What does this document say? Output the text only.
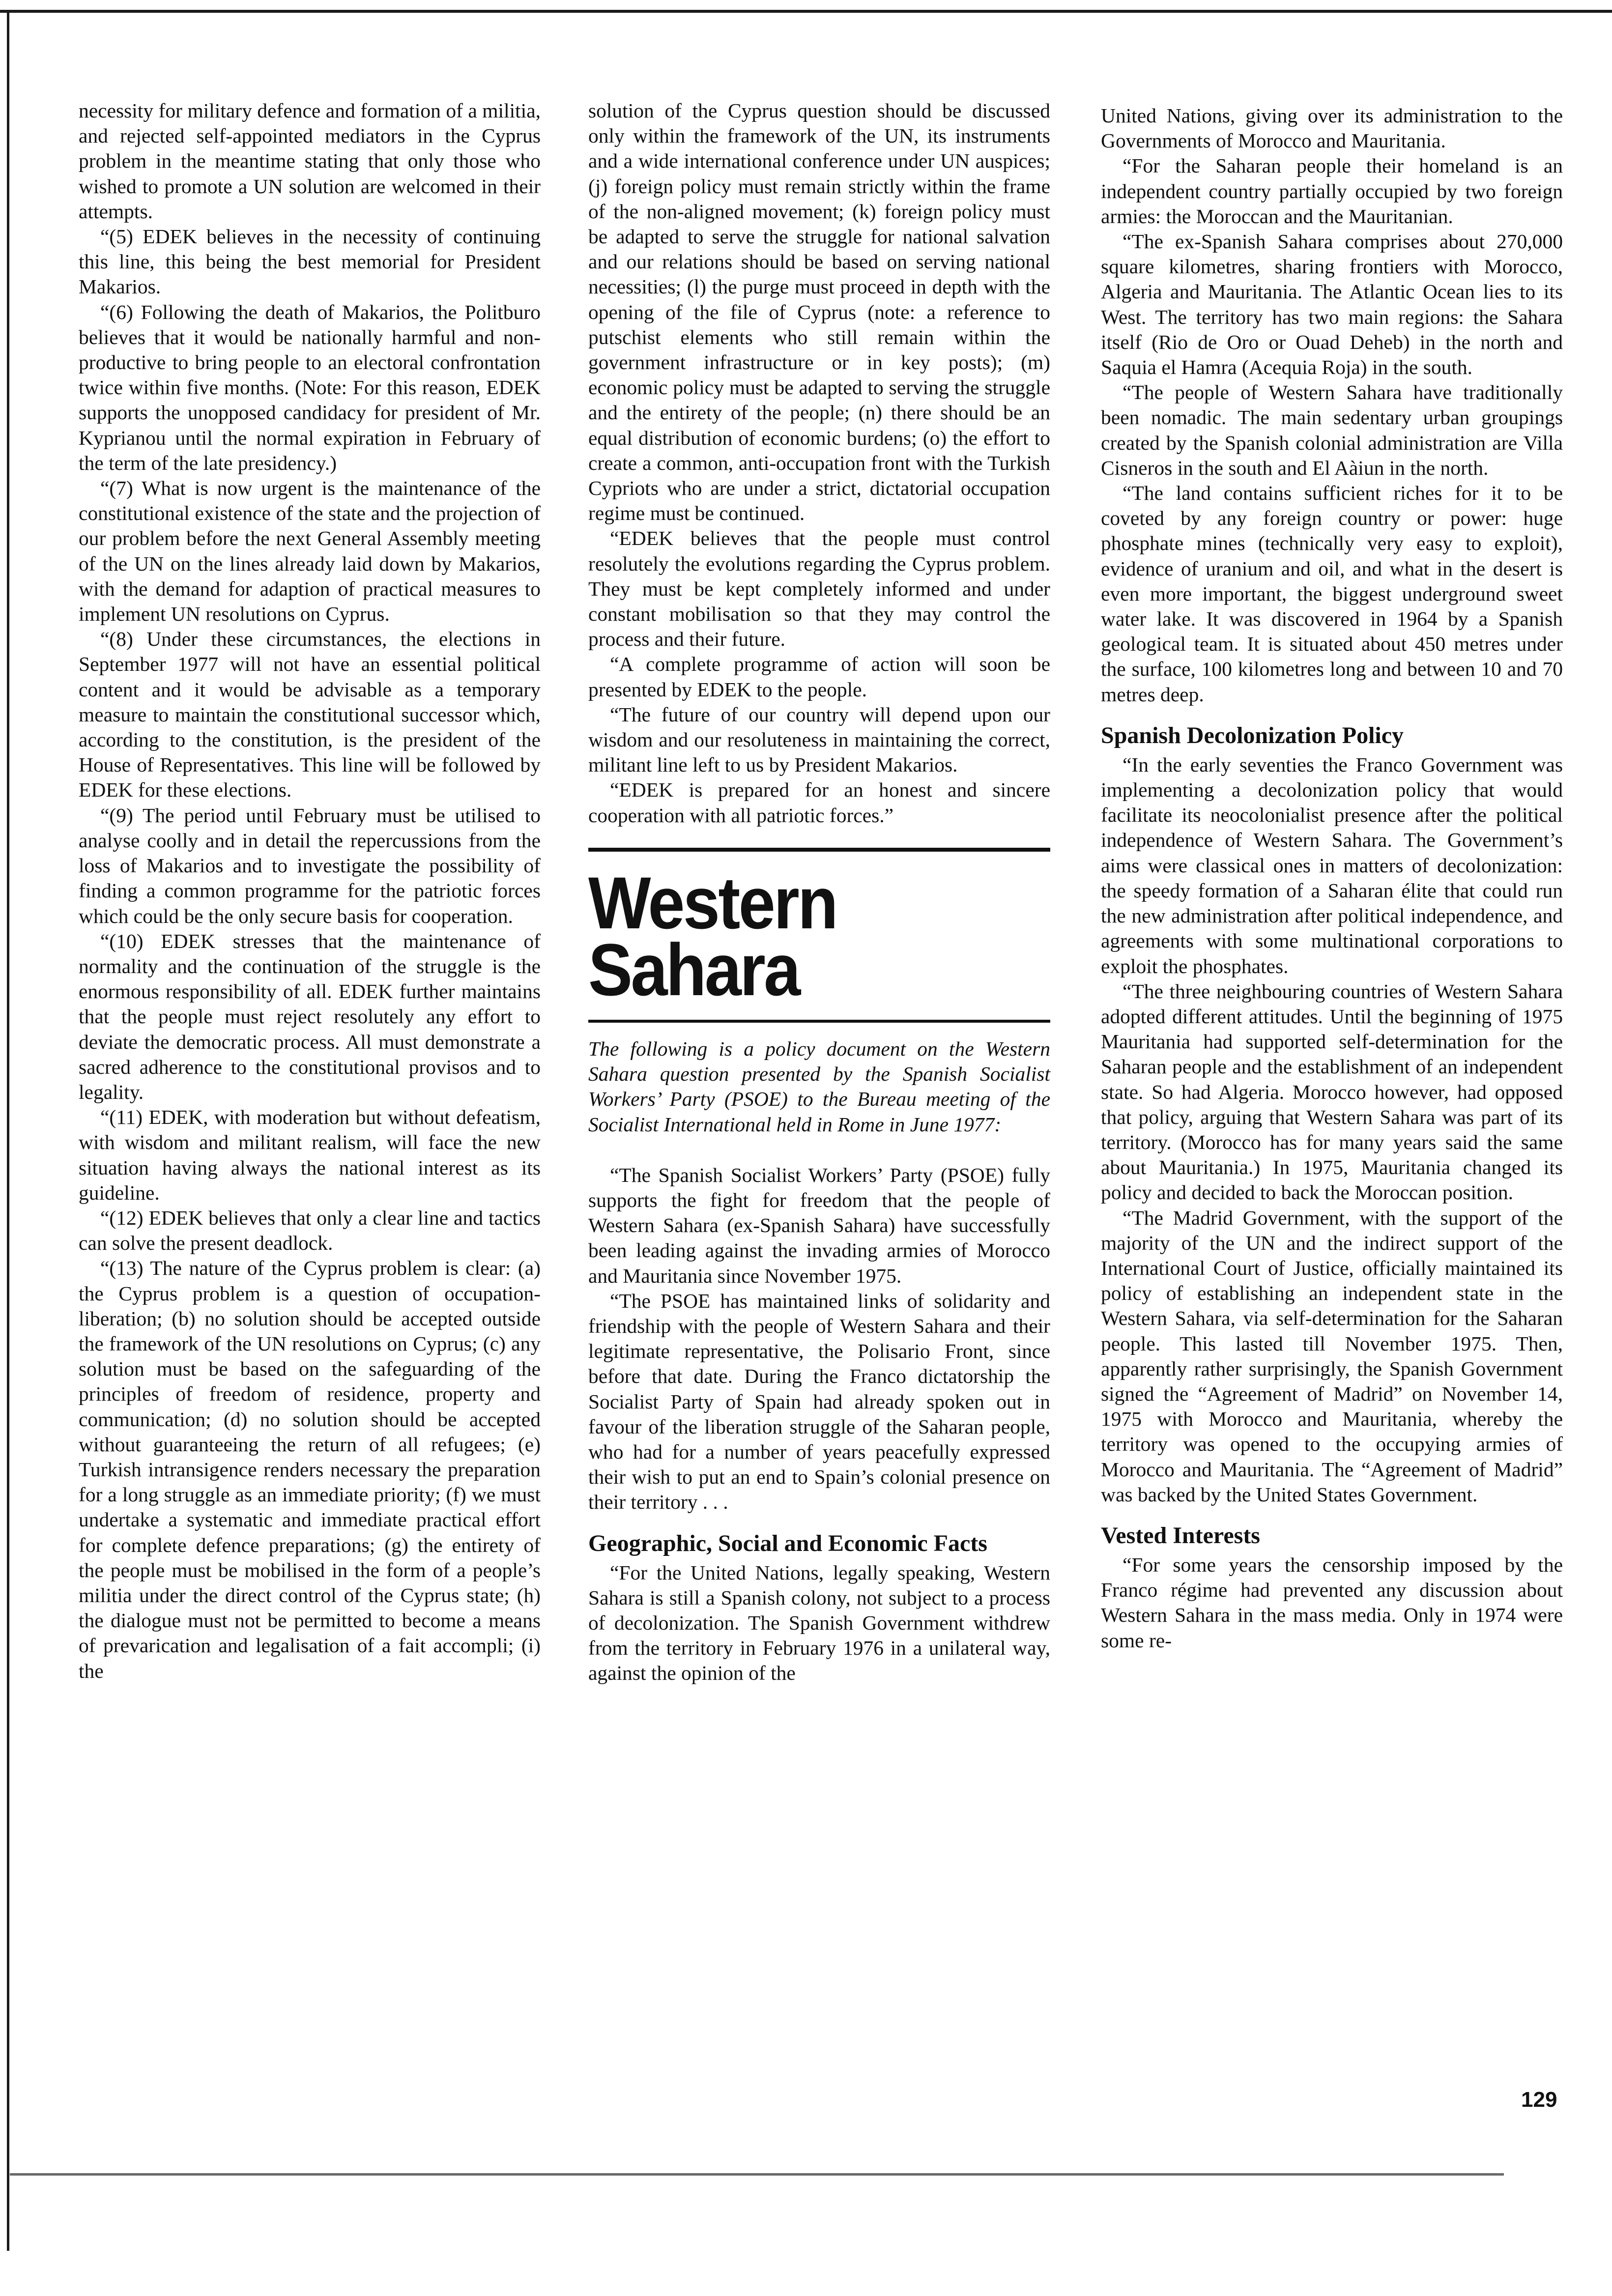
necessity for military defence and formation of a militia, and rejected self-appointed mediators in the Cyprus problem in the meantime stating that only those who wished to promote a UN solution are welcomed in their attempts.

“(5) EDEK believes in the necessity of continuing this line, this being the best memorial for President Makarios.

“(6) Following the death of Makarios, the Politburo believes that it would be nationally harmful and non-productive to bring people to an electoral confrontation twice within five months. (Note: For this reason, EDEK supports the unopposed candidacy for president of Mr. Kyprianou until the normal expiration in February of the term of the late presidency.)

“(7) What is now urgent is the maintenance of the constitutional existence of the state and the projection of our problem before the next General Assembly meeting of the UN on the lines already laid down by Makarios, with the demand for adaption of practical measures to implement UN resolutions on Cyprus.

“(8) Under these circumstances, the elections in September 1977 will not have an essential political content and it would be advisable as a temporary measure to maintain the constitutional successor which, according to the constitution, is the president of the House of Representatives. This line will be followed by EDEK for these elections.

“(9) The period until February must be utilised to analyse coolly and in detail the repercussions from the loss of Makarios and to investigate the possibility of finding a common programme for the patriotic forces which could be the only secure basis for cooperation.

“(10) EDEK stresses that the maintenance of normality and the continuation of the struggle is the enormous responsibility of all. EDEK further maintains that the people must reject resolutely any effort to deviate the democratic process. All must demonstrate a sacred adherence to the constitutional provisos and to legality.

“(11) EDEK, with moderation but without defeatism, with wisdom and militant realism, will face the new situation having always the national interest as its guideline.

“(12) EDEK believes that only a clear line and tactics can solve the present deadlock.

“(13) The nature of the Cyprus problem is clear: (a) the Cyprus problem is a question of occupation-liberation; (b) no solution should be accepted outside the framework of the UN resolutions on Cyprus; (c) any solution must be based on the safeguarding of the principles of freedom of residence, property and communication; (d) no solution should be accepted without guaranteeing the return of all refugees; (e) Turkish intransigence renders necessary the preparation for a long struggle as an immediate priority; (f) we must undertake a systematic and immediate practical effort for complete defence preparations; (g) the entirety of the people must be mobilised in the form of a people’s militia under the direct control of the Cyprus state; (h) the dialogue must not be permitted to become a means of prevarication and legalisation of a fait accompli; (i) the

solution of the Cyprus question should be discussed only within the framework of the UN, its instruments and a wide international conference under UN auspices; (j) foreign policy must remain strictly within the frame of the non-aligned movement; (k) foreign policy must be adapted to serve the struggle for national salvation and our relations should be based on serving national necessities; (l) the purge must proceed in depth with the opening of the file of Cyprus (note: a reference to putschist elements who still remain within the government infrastructure or in key posts); (m) economic policy must be adapted to serving the struggle and the entirety of the people; (n) there should be an equal distribution of economic burdens; (o) the effort to create a common, anti-occupation front with the Turkish Cypriots who are under a strict, dictatorial occupation regime must be continued.

“EDEK believes that the people must control resolutely the evolutions regarding the Cyprus problem. They must be kept completely informed and under constant mobilisation so that they may control the process and their future.

“A complete programme of action will soon be presented by EDEK to the people.

“The future of our country will depend upon our wisdom and our resoluteness in maintaining the correct, militant line left to us by President Makarios.

“EDEK is prepared for an honest and sincere cooperation with all patriotic forces.”

Western
Sahara

The following is a policy document on the Western Sahara question presented by the Spanish Socialist Workers’ Party (PSOE) to the Bureau meeting of the Socialist International held in Rome in June 1977:

“The Spanish Socialist Workers’ Party (PSOE) fully supports the fight for freedom that the people of Western Sahara (ex-Spanish Sahara) have successfully been leading against the invading armies of Morocco and Mauritania since November 1975.

“The PSOE has maintained links of solidarity and friendship with the people of Western Sahara and their legitimate representative, the Polisario Front, since before that date. During the Franco dictatorship the Socialist Party of Spain had already spoken out in favour of the liberation struggle of the Saharan people, who had for a number of years peacefully expressed their wish to put an end to Spain’s colonial presence on their territory . . .

Geographic, Social and Economic Facts

“For the United Nations, legally speaking, Western Sahara is still a Spanish colony, not subject to a process of decolonization. The Spanish Government withdrew from the territory in February 1976 in a unilateral way, against the opinion of the

United Nations, giving over its administration to the Governments of Morocco and Mauritania.

“For the Saharan people their homeland is an independent country partially occupied by two foreign armies: the Moroccan and the Mauritanian.

“The ex-Spanish Sahara comprises about 270,000 square kilometres, sharing frontiers with Morocco, Algeria and Mauritania. The Atlantic Ocean lies to its West. The territory has two main regions: the Sahara itself (Rio de Oro or Ouad Deheb) in the north and Saquia el Hamra (Acequia Roja) in the south.

“The people of Western Sahara have traditionally been nomadic. The main sedentary urban groupings created by the Spanish colonial administration are Villa Cisneros in the south and El Aàiun in the north.

“The land contains sufficient riches for it to be coveted by any foreign country or power: huge phosphate mines (technically very easy to exploit), evidence of uranium and oil, and what in the desert is even more important, the biggest underground sweet water lake. It was discovered in 1964 by a Spanish geological team. It is situated about 450 metres under the surface, 100 kilometres long and between 10 and 70 metres deep.

Spanish Decolonization Policy

“In the early seventies the Franco Government was implementing a decolonization policy that would facilitate its neocolonialist presence after the political independence of Western Sahara. The Government’s aims were classical ones in matters of decolonization: the speedy formation of a Saharan élite that could run the new administration after political independence, and agreements with some multinational corporations to exploit the phosphates.

“The three neighbouring countries of Western Sahara adopted different attitudes. Until the beginning of 1975 Mauritania had supported self-determination for the Saharan people and the establishment of an independent state. So had Algeria. Morocco however, had opposed that policy, arguing that Western Sahara was part of its territory. (Morocco has for many years said the same about Mauritania.) In 1975, Mauritania changed its policy and decided to back the Moroccan position.

“The Madrid Government, with the support of the majority of the UN and the indirect support of the International Court of Justice, officially maintained its policy of establishing an independent state in the Western Sahara, via self-determination for the Saharan people. This lasted till November 1975. Then, apparently rather surprisingly, the Spanish Government signed the “Agreement of Madrid” on November 14, 1975 with Morocco and Mauritania, whereby the territory was opened to the occupying armies of Morocco and Mauritania. The “Agreement of Madrid” was backed by the United States Government.

Vested Interests

“For some years the censorship imposed by the Franco régime had prevented any discussion about Western Sahara in the mass media. Only in 1974 were some re-

129
